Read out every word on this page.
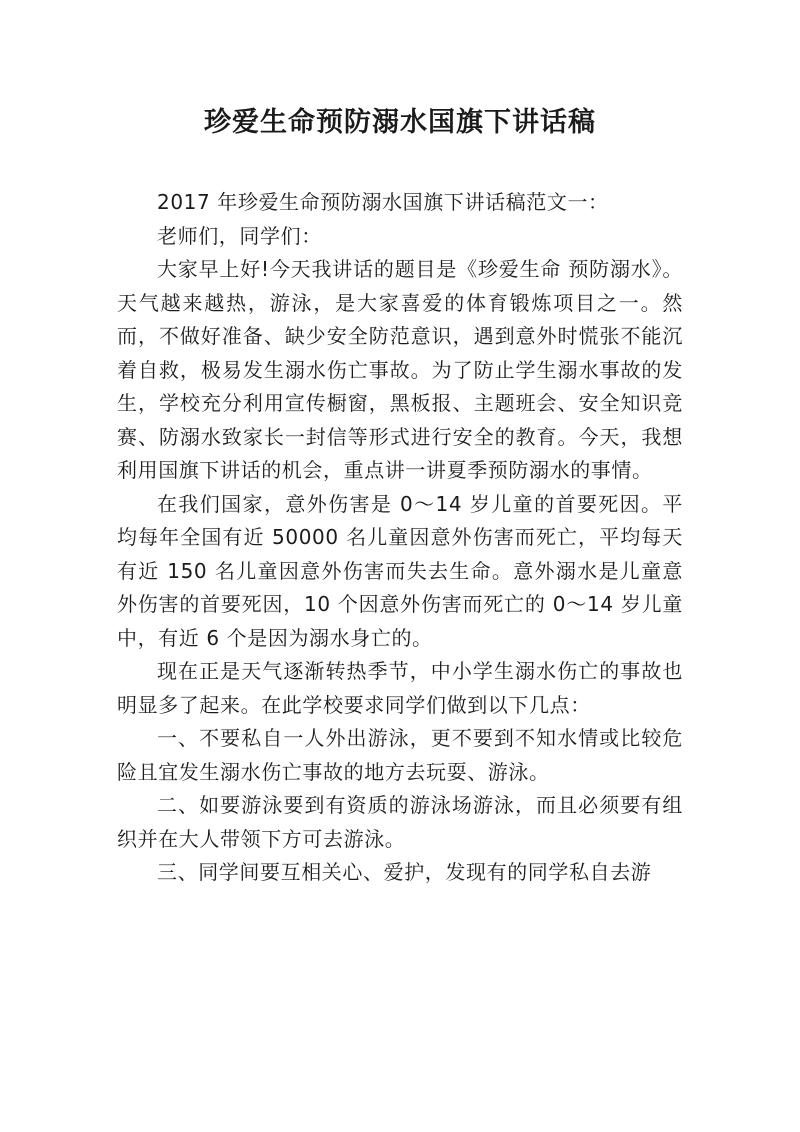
珍爱生命预防溺水国旗下讲话稿

2017 年珍爱生命预防溺水国旗下讲话稿范文一：

老师们，同学们：

大家早上好!今天我讲话的题目是《珍爱生命 预防溺水》。天气越来越热，游泳，是大家喜爱的体育锻炼项目之一。然而，不做好准备、缺少安全防范意识，遇到意外时慌张不能沉着自救，极易发生溺水伤亡事故。为了防止学生溺水事故的发生，学校充分利用宣传橱窗，黑板报、主题班会、安全知识竞赛、防溺水致家长一封信等形式进行安全的教育。今天，我想利用国旗下讲话的机会，重点讲一讲夏季预防溺水的事情。

在我们国家，意外伤害是 0～14 岁儿童的首要死因。平均每年全国有近 50000 名儿童因意外伤害而死亡，平均每天有近 150 名儿童因意外伤害而失去生命。意外溺水是儿童意外伤害的首要死因，10 个因意外伤害而死亡的 0～14 岁儿童中，有近 6 个是因为溺水身亡的。

现在正是天气逐渐转热季节，中小学生溺水伤亡的事故也明显多了起来。在此学校要求同学们做到以下几点：

一、不要私自一人外出游泳，更不要到不知水情或比较危险且宜发生溺水伤亡事故的地方去玩耍、游泳。

二、如要游泳要到有资质的游泳场游泳，而且必须要有组织并在大人带领下方可去游泳。

三、同学间要互相关心、爱护，发现有的同学私自去游
